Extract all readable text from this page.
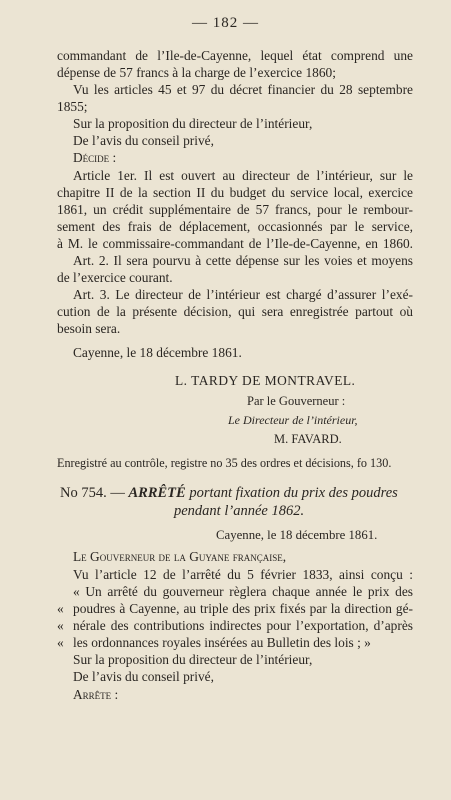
— 182 —
commandant de l’Ile-de-Cayenne, lequel état comprend une
dépense de 57 francs à la charge de l’exercice 1860;
Vu les articles 45 et 97 du décret financier du 28 septembre
1855;
Sur la proposition du directeur de l’intérieur,
De l’avis du conseil privé,
Décide :
Article 1er. Il est ouvert au directeur de l’intérieur, sur le
chapitre II de la section II du budget du service local, exercice
1861, un crédit supplémentaire de 57 francs, pour le rembour-
sement des frais de déplacement, occasionnés par le service,
à M. le commissaire-commandant de l’Ile-de-Cayenne, en 1860.
Art. 2. Il sera pourvu à cette dépense sur les voies et moyens
de l’exercice courant.
Art. 3. Le directeur de l’intérieur est chargé d’assurer l’exé-
cution de la présente décision, qui sera enregistrée partout où
besoin sera.
Cayenne, le 18 décembre 1861.
L. TARDY DE MONTRAVEL.
Par le Gouverneur :
Le Directeur de l’intérieur,
M. FAVARD.
Enregistré au contrôle, registre no 35 des ordres et décisions, fo 130.
No 754. — ARRÊTÉ portant fixation du prix des poudres
pendant l’année 1862.
Cayenne, le 18 décembre 1861.
Le Gouverneur de la Guyane française,
Vu l’article 12 de l’arrêté du 5 février 1833, ainsi conçu :
« Un arrêté du gouverneur règlera chaque année le prix des
« poudres à Cayenne, au triple des prix fixés par la direction gé-
« nérale des contributions indirectes pour l’exportation, d’après
« les ordonnances royales insérées au Bulletin des lois ; »
Sur la proposition du directeur de l’intérieur,
De l’avis du conseil privé,
Arrête :
